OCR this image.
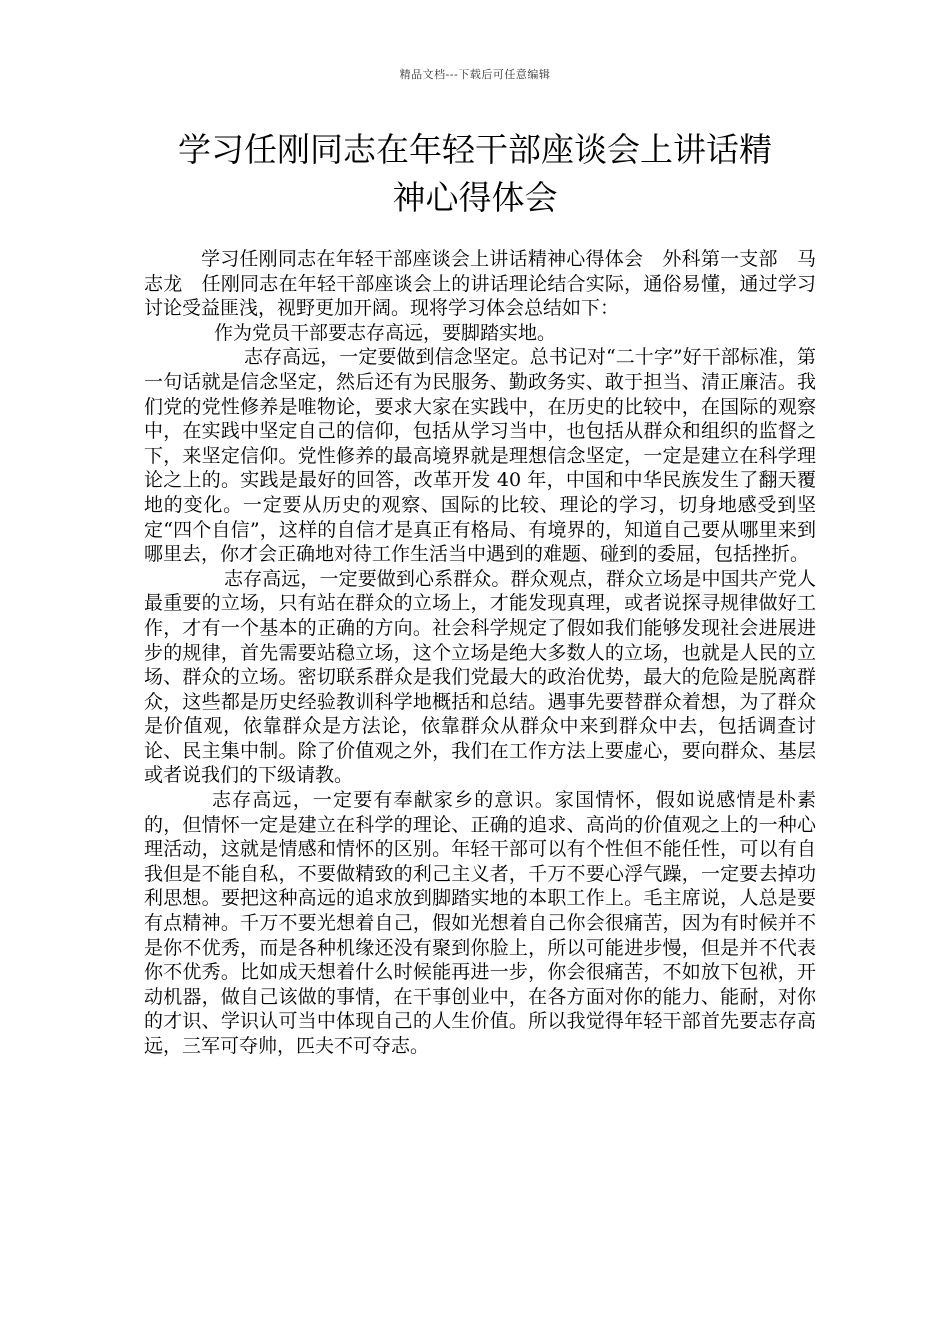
精品文档---下载后可任意编辑
学习任刚同志在年轻干部座谈会上讲话精
神心得体会

学习任刚同志在年轻干部座谈会上讲话精神心得体会　外科第一支部　马志龙　任刚同志在年轻干部座谈会上的讲话理论结合实际，通俗易懂，通过学习讨论受益匪浅，视野更加开阔。现将学习体会总结如下：

作为党员干部要志存高远，要脚踏实地。

志存高远，一定要做到信念坚定。总书记对“二十字”好干部标准，第一句话就是信念坚定，然后还有为民服务、勤政务实、敢于担当、清正廉洁。我们党的党性修养是唯物论，要求大家在实践中，在历史的比较中，在国际的观察中，在实践中坚定自己的信仰，包括从学习当中，也包括从群众和组织的监督之下，来坚定信仰。党性修养的最高境界就是理想信念坚定，一定是建立在科学理论之上的。实践是最好的回答，改革开发 40 年，中国和中华民族发生了翻天覆地的变化。一定要从历史的观察、国际的比较、理论的学习，切身地感受到坚定“四个自信”，这样的自信才是真正有格局、有境界的，知道自己要从哪里来到哪里去，你才会正确地对待工作生活当中遇到的难题、碰到的委屈，包括挫折。

志存高远，一定要做到心系群众。群众观点，群众立场是中国共产党人最重要的立场，只有站在群众的立场上，才能发现真理，或者说探寻规律做好工作，才有一个基本的正确的方向。社会科学规定了假如我们能够发现社会进展进步的规律，首先需要站稳立场，这个立场是绝大多数人的立场，也就是人民的立场、群众的立场。密切联系群众是我们党最大的政治优势，最大的危险是脱离群众，这些都是历史经验教训科学地概括和总结。遇事先要替群众着想，为了群众是价值观，依靠群众是方法论，依靠群众从群众中来到群众中去，包括调查讨论、民主集中制。除了价值观之外，我们在工作方法上要虚心，要向群众、基层或者说我们的下级请教。

志存高远，一定要有奉献家乡的意识。家国情怀，假如说感情是朴素的，但情怀一定是建立在科学的理论、正确的追求、高尚的价值观之上的一种心理活动，这就是情感和情怀的区别。年轻干部可以有个性但不能任性，可以有自我但是不能自私，不要做精致的利己主义者，千万不要心浮气躁，一定要去掉功利思想。要把这种高远的追求放到脚踏实地的本职工作上。毛主席说，人总是要有点精神。千万不要光想着自己，假如光想着自己你会很痛苦，因为有时候并不是你不优秀，而是各种机缘还没有聚到你脸上，所以可能进步慢，但是并不代表你不优秀。比如成天想着什么时候能再进一步，你会很痛苦，不如放下包袱，开动机器，做自己该做的事情，在干事创业中，在各方面对你的能力、能耐，对你的才识、学识认可当中体现自己的人生价值。所以我觉得年轻干部首先要志存高远，三军可夺帅，匹夫不可夺志。
